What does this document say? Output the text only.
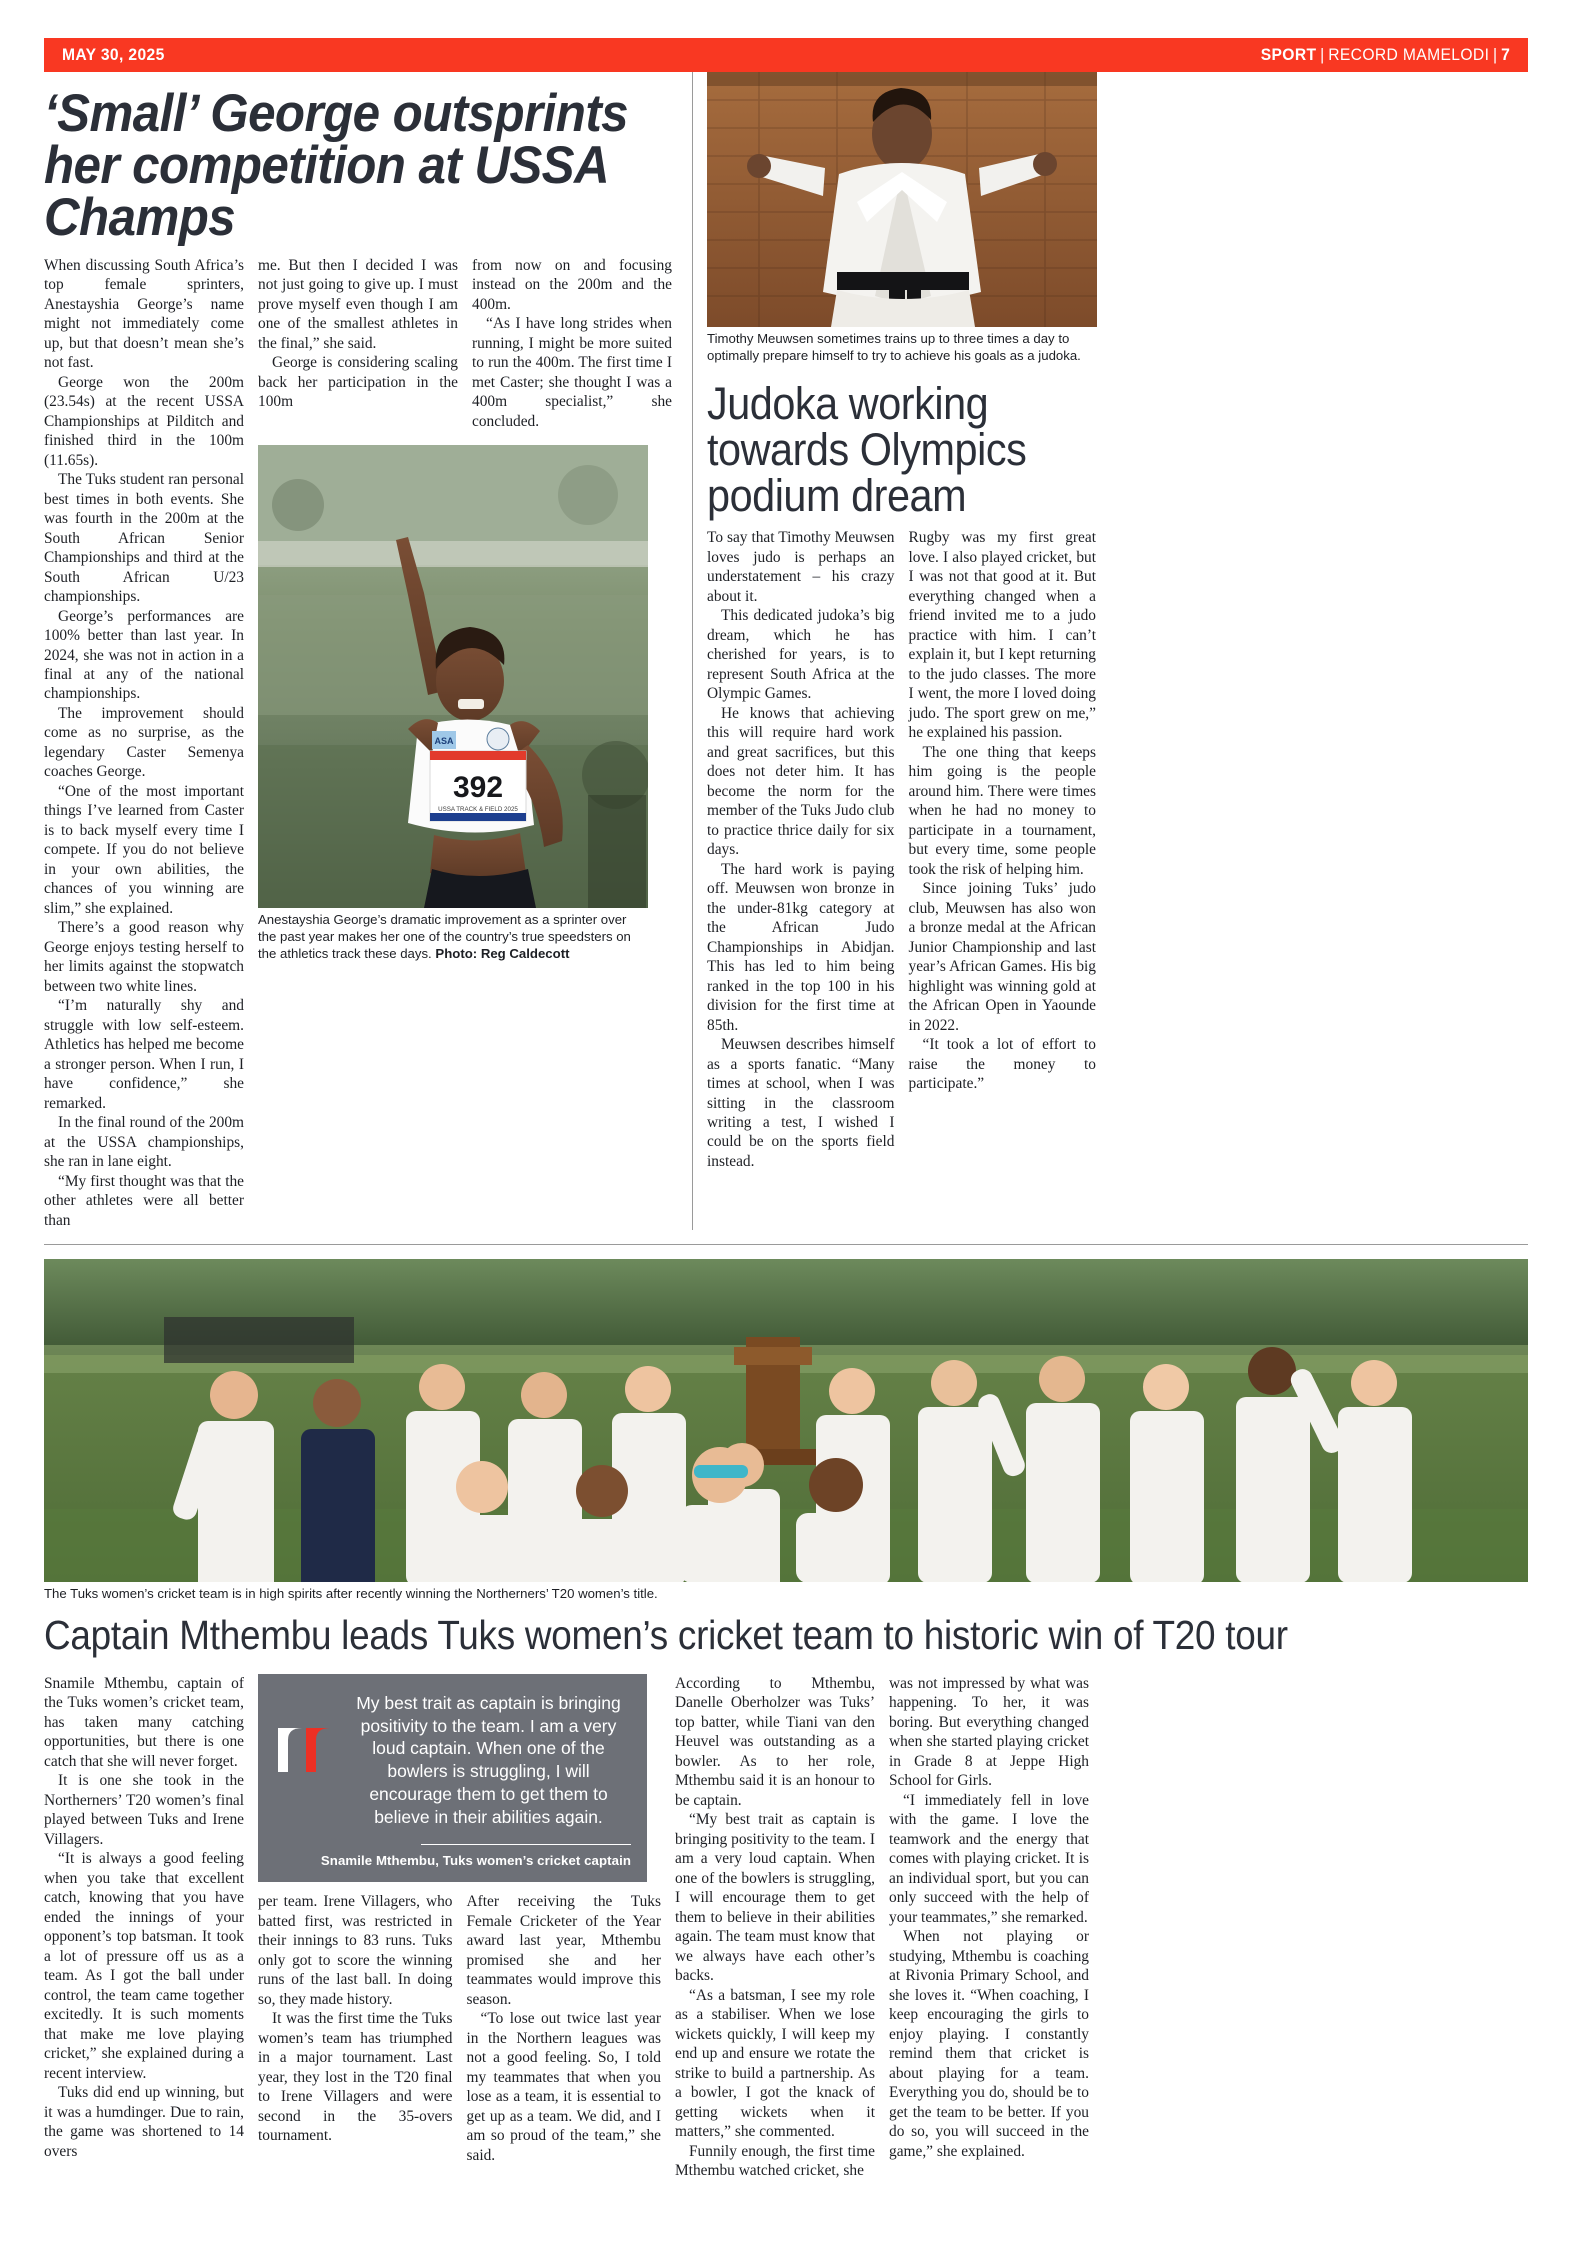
MAY 30, 2025	SPORT | RECORD MAMELODI | 7
‘Small’ George outsprints her competition at USSA Champs

When discussing South Africa’s top female sprinters, Anestayshia George’s name might not immediately come up, but that doesn’t mean she’s not fast.

George won the 200m (23.54s) at the recent USSA Championships at Pilditch and finished third in the 100m (11.65s).

The Tuks student ran personal best times in both events. She was fourth in the 200m at the South African Senior Championships and third at the South African U/23 championships.

George’s performances are 100% better than last year. In 2024, she was not in action in a final at any of the national championships.

The improvement should come as no surprise, as the legendary Caster Semenya coaches George.

“One of the most important things I’ve learned from Caster is to back myself every time I compete. If you do not believe in your own abilities, the chances of you winning are slim,” she explained.

There’s a good reason why George enjoys testing herself to her limits against the stopwatch between two white lines.

“I’m naturally shy and struggle with low self-esteem. Athletics has helped me become a stronger person. When I run, I have confidence,” she remarked.

In the final round of the 200m at the USSA championships, she ran in lane eight.

“My first thought was that the other athletes were all better than

me. But then I decided I was not just going to give up. I must prove myself even though I am one of the smallest athletes in the final,” she said.

George is considering scaling back her participation in the 100m

from now on and focusing instead on the 200m and the 400m.

“As I have long strides when running, I might be more suited to run the 400m. The first time I met Caster; she thought I was a 400m specialist,” she concluded.

392
USSA TRACK & FIELD 2025
ASA
Anestayshia George’s dramatic improvement as a sprinter over the past year makes her one of the country’s true speedsters on the athletics track these days. Photo: Reg Caldecott
Timothy Meuwsen sometimes trains up to three times a day to optimally prepare himself to try to achieve his goals as a judoka.
Judoka working towards Olympics podium dream

To say that Timothy Meuwsen loves judo is perhaps an understatement – his crazy about it.

This dedicated judoka’s big dream, which he has cherished for years, is to represent South Africa at the Olympic Games.

He knows that achieving this will require hard work and great sacrifices, but this does not deter him. It has become the norm for the member of the Tuks Judo club to practice thrice daily for six days.

The hard work is paying off. Meuwsen won bronze in the under-81kg category at the African Judo Championships in Abidjan. This has led to him being ranked in the top 100 in his division for the first time at 85th.

Meuwsen describes himself as a sports fanatic. “Many times at school, when I was sitting in the classroom writing a test, I wished I could be on the sports field instead.

Rugby was my first great love. I also played cricket, but I was not that good at it. But everything changed when a friend invited me to a judo practice with him. I can’t explain it, but I kept returning to the judo classes. The more I went, the more I loved doing judo. The sport grew on me,” he explained his passion.

The one thing that keeps him going is the people around him. There were times when he had no money to participate in a tournament, but every time, some people took the risk of helping him.

Since joining Tuks’ judo club, Meuwsen has also won a bronze medal at the African Junior Championship and last year’s African Games. His big highlight was winning gold at the African Open in Yaounde in 2022.

“It took a lot of effort to raise the money to participate.”

The Tuks women’s cricket team is in high spirits after recently winning the Northerners’ T20 women’s title.
Captain Mthembu leads Tuks women’s cricket team to historic win of T20 tour

Snamile Mthembu, captain of the Tuks women’s cricket team, has taken many catching opportunities, but there is one catch that she will never forget.

It is one she took in the Northerners’ T20 women’s final played between Tuks and Irene Villagers.

“It is always a good feeling when you take that excellent catch, knowing that you have ended the innings of your opponent’s top batsman. It took a lot of pressure off us as a team. As I got the ball under control, the team came together excitedly. It is such moments that make me love playing cricket,” she explained during a recent interview.

Tuks did end up winning, but it was a humdinger. Due to rain, the game was shortened to 14 overs

My best trait as captain is bringing positivity to the team. I am a very loud captain. When one of the bowlers is struggling, I will encourage them to get them to believe in their abilities again.
Snamile Mthembu, Tuks women’s cricket captain

per team. Irene Villagers, who batted first, was restricted in their innings to 83 runs. Tuks only got to score the winning runs of the last ball. In doing so, they made history.

It was the first time the Tuks women’s team has triumphed in a major tournament. Last year, they lost in the T20 final to Irene Villagers and were second in the 35-overs tournament.

After receiving the Tuks Female Cricketer of the Year award last year, Mthembu promised she and her teammates would improve this season.

“To lose out twice last year in the Northern leagues was not a good feeling. So, I told my teammates that when you lose as a team, it is essential to get up as a team. We did, and I am so proud of the team,” she said.

According to Mthembu, Danelle Oberholzer was Tuks’ top batter, while Tiani van den Heuvel was outstanding as a bowler. As to her role, Mthembu said it is an honour to be captain.

“My best trait as captain is bringing positivity to the team. I am a very loud captain. When one of the bowlers is struggling, I will encourage them to get them to believe in their abilities again. The team must know that we always have each other’s backs.

“As a batsman, I see my role as a stabiliser. When we lose wickets quickly, I will keep my end up and ensure we rotate the strike to build a partnership. As a bowler, I got the knack of getting wickets when it matters,” she commented.

Funnily enough, the first time Mthembu watched cricket, she

was not impressed by what was happening. To her, it was boring. But everything changed when she started playing cricket in Grade 8 at Jeppe High School for Girls.

“I immediately fell in love with the game. I love the teamwork and the energy that comes with playing cricket. It is an individual sport, but you can only succeed with the help of your teammates,” she remarked.

When not playing or studying, Mthembu is coaching at Rivonia Primary School, and she loves it. “When coaching, I keep encouraging the girls to enjoy playing. I constantly remind them that cricket is about playing for a team. Everything you do, should be to get the team to be better. If you do so, you will succeed in the game,” she explained.
